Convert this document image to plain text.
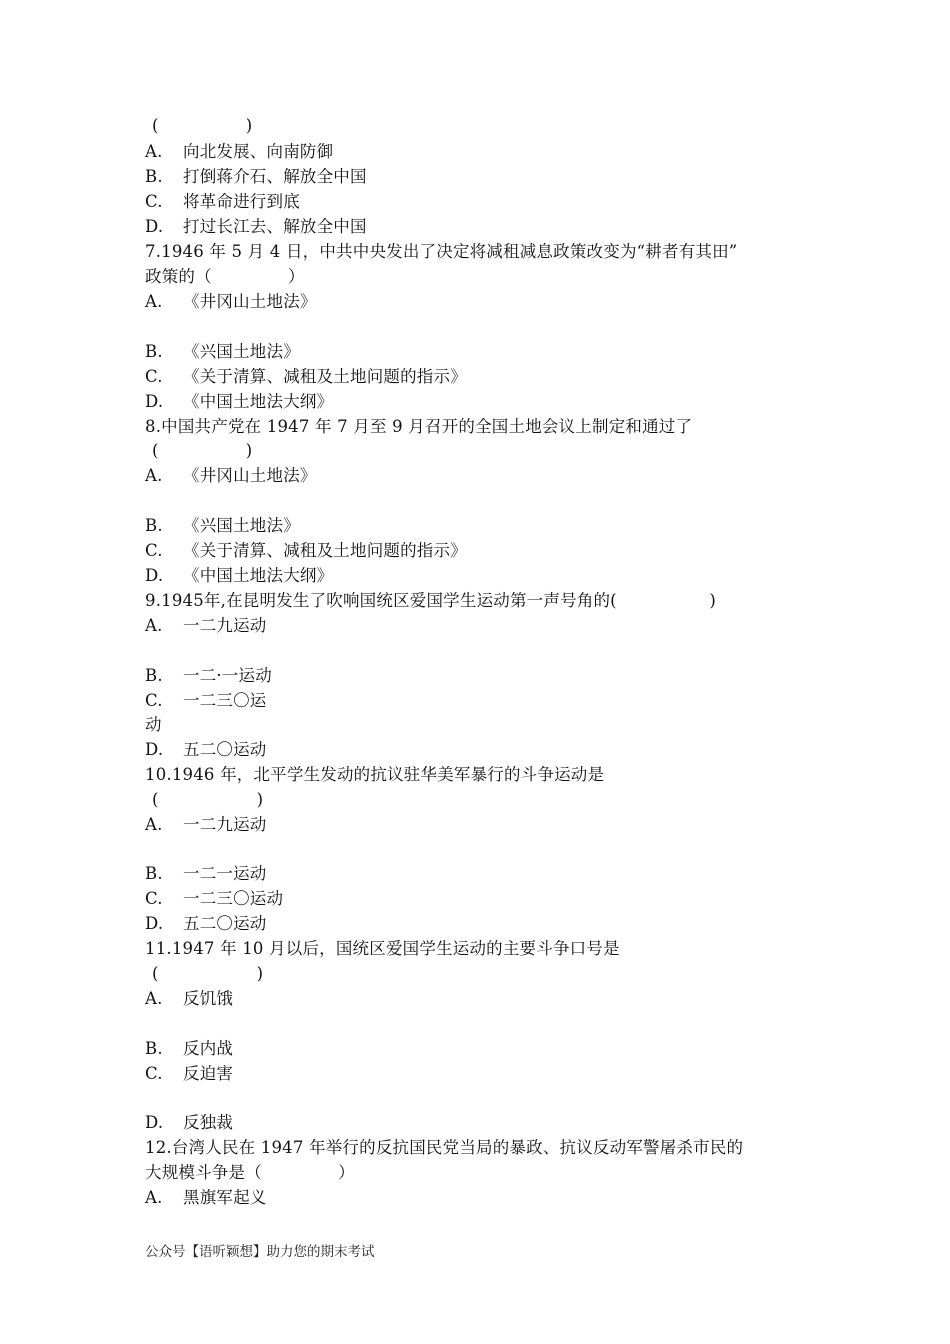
(                )
A. 向北发展、向南防御
B. 打倒蒋介石、解放全中国
C. 将革命进行到底
D. 打过长江去、解放全中国
7.1946 年 5 月 4 日，中共中央发出了决定将减租减息政策改变为“耕者有其田”
政策的（              ）
A. 《井冈山土地法》
B. 《兴国土地法》
C. 《关于清算、减租及土地问题的指示》
D. 《中国土地法大纲》
8.中国共产党在 1947 年 7 月至 9 月召开的全国土地会议上制定和通过了
(                )
A. 《井冈山土地法》
B. 《兴国土地法》
C. 《关于清算、减租及土地问题的指示》
D. 《中国土地法大纲》
9.1945年,在昆明发生了吹响国统区爱国学生运动第一声号角的(                 )
A. 一二九运动
B. 一二·一运动
C. 一二三〇运
动
D. 五二〇运动
10.1946 年，北平学生发动的抗议驻华美军暴行的斗争运动是
(                  )
A. 一二九运动
B. 一二一运动
C. 一二三〇运动
D. 五二〇运动
11.1947 年 10 月以后，国统区爱国学生运动的主要斗争口号是
(                  )
A. 反饥饿
B. 反内战
C. 反迫害
D. 反独裁
12.台湾人民在 1947 年举行的反抗国民党当局的暴政、抗议反动军警屠杀市民的
大规模斗争是（              ）
A. 黑旗军起义
公众号【语听颖想】助力您的期末考试
